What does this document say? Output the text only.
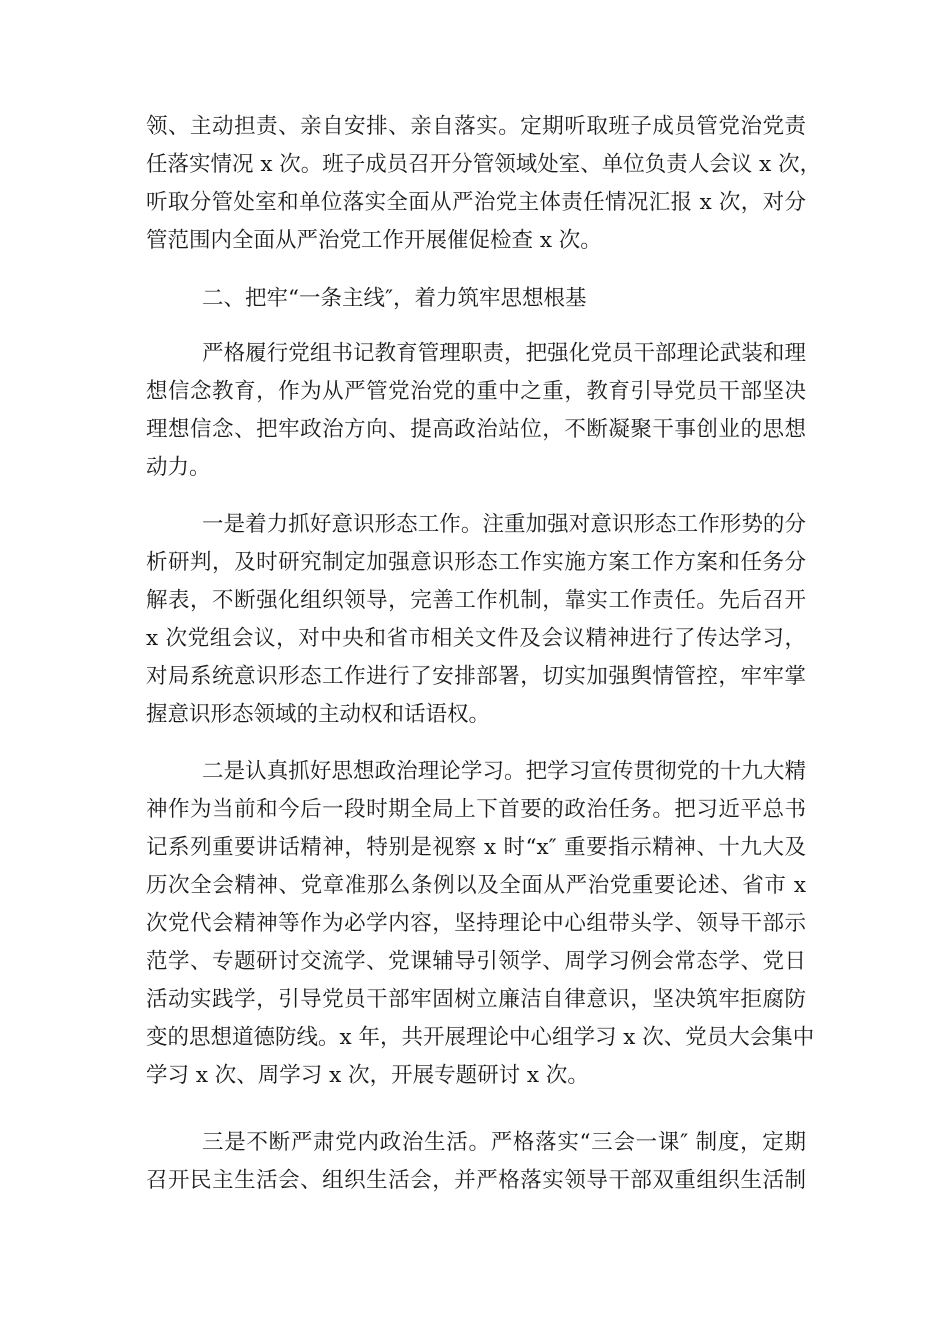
领、主动担责、亲自安排、亲自落实。定期听取班子成员管党治党责
任落实情况 x 次。班子成员召开分管领域处室、单位负责人会议 x 次，
听取分管处室和单位落实全面从严治党主体责任情况汇报 x 次，对分
管范围内全面从严治党工作开展催促检查 x 次。
二、把牢“一条主线″，着力筑牢思想根基
严格履行党组书记教育管理职责，把强化党员干部理论武装和理
想信念教育，作为从严管党治党的重中之重，教育引导党员干部坚决
理想信念、把牢政治方向、提高政治站位，不断凝聚干事创业的思想
动力。
一是着力抓好意识形态工作。注重加强对意识形态工作形势的分
析研判，及时研究制定加强意识形态工作实施方案工作方案和任务分
解表，不断强化组织领导，完善工作机制，靠实工作责任。先后召开
x 次党组会议，对中央和省市相关文件及会议精神进行了传达学习，
对局系统意识形态工作进行了安排部署，切实加强舆情管控，牢牢掌
握意识形态领域的主动权和话语权。
二是认真抓好思想政治理论学习。把学习宣传贯彻党的十九大精
神作为当前和今后一段时期全局上下首要的政治任务。把习近平总书
记系列重要讲话精神，特别是视察 x 时“x″ 重要指示精神、十九大及
历次全会精神、党章准那么条例以及全面从严治党重要论述、省市 x
次党代会精神等作为必学内容，坚持理论中心组带头学、领导干部示
范学、专题研讨交流学、党课辅导引领学、周学习例会常态学、党日
活动实践学，引导党员干部牢固树立廉洁自律意识，坚决筑牢拒腐防
变的思想道德防线。x 年，共开展理论中心组学习 x 次、党员大会集中
学习 x 次、周学习 x 次，开展专题研讨 x 次。
三是不断严肃党内政治生活。严格落实“三会一课″ 制度，定期
召开民主生活会、组织生活会，并严格落实领导干部双重组织生活制
